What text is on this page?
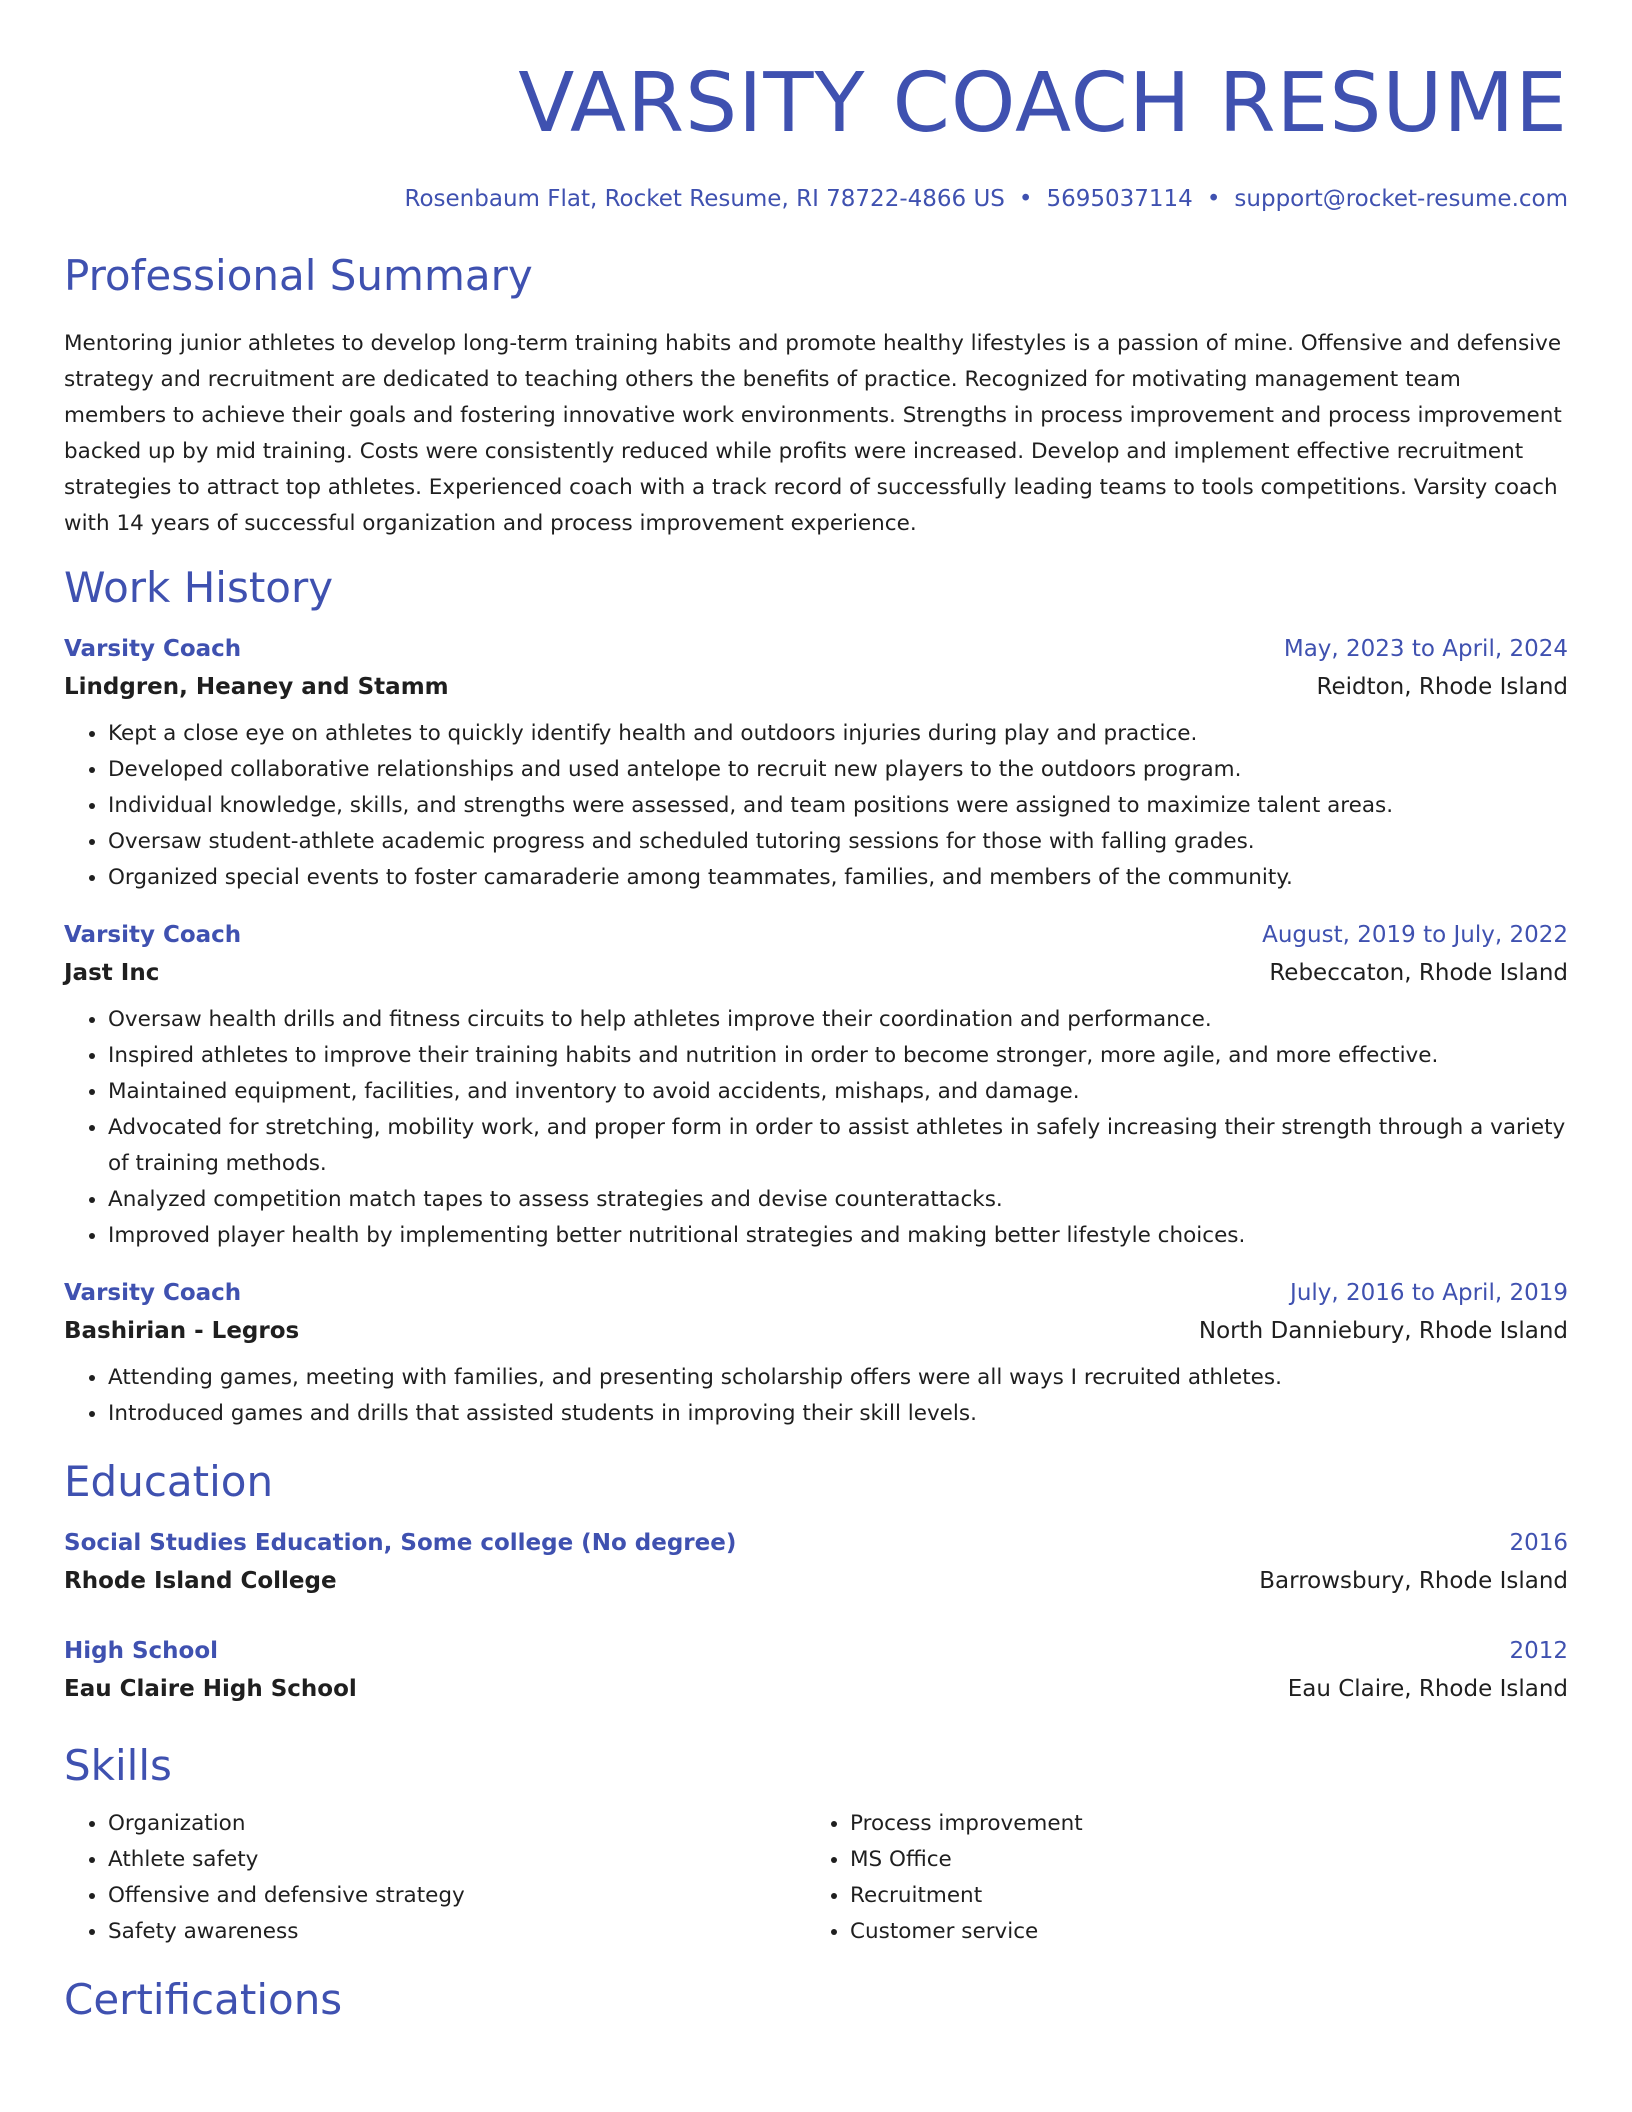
VARSITY COACH RESUME
Rosenbaum Flat, Rocket Resume, RI 78722-4866 US • 5695037114 • support@rocket-resume.com
Professional Summary

Mentoring junior athletes to develop long-term training habits and promote healthy lifestyles is a passion of mine. Offensive and defensive strategy and recruitment are dedicated to teaching others the benefits of practice. Recognized for motivating management team members to achieve their goals and fostering innovative work environments. Strengths in process improvement and process improvement backed up by mid training. Costs were consistently reduced while profits were increased. Develop and implement effective recruitment strategies to attract top athletes. Experienced coach with a track record of successfully leading teams to tools competitions. Varsity coach with 14 years of successful organization and process improvement experience.

Work History
Varsity Coach	May, 2023 to April, 2024
Lindgren, Heaney and Stamm	Reidton, Rhode Island
• Kept a close eye on athletes to quickly identify health and outdoors injuries during play and practice.
• Developed collaborative relationships and used antelope to recruit new players to the outdoors program.
• Individual knowledge, skills, and strengths were assessed, and team positions were assigned to maximize talent areas.
• Oversaw student-athlete academic progress and scheduled tutoring sessions for those with falling grades.
• Organized special events to foster camaraderie among teammates, families, and members of the community.
Varsity Coach	August, 2019 to July, 2022
Jast Inc	Rebeccaton, Rhode Island
• Oversaw health drills and fitness circuits to help athletes improve their coordination and performance.
• Inspired athletes to improve their training habits and nutrition in order to become stronger, more agile, and more effective.
• Maintained equipment, facilities, and inventory to avoid accidents, mishaps, and damage.
• Advocated for stretching, mobility work, and proper form in order to assist athletes in safely increasing their strength through a variety of training methods.
• Analyzed competition match tapes to assess strategies and devise counterattacks.
• Improved player health by implementing better nutritional strategies and making better lifestyle choices.
Varsity Coach	July, 2016 to April, 2019
Bashirian - Legros	North Danniebury, Rhode Island
• Attending games, meeting with families, and presenting scholarship offers were all ways I recruited athletes.
• Introduced games and drills that assisted students in improving their skill levels.
Education
Social Studies Education, Some college (No degree)	2016
Rhode Island College	Barrowsbury, Rhode Island
High School	2012
Eau Claire High School	Eau Claire, Rhode Island
Skills
• Organization
• Athlete safety
• Offensive and defensive strategy
• Safety awareness
• Process improvement
• MS Office
• Recruitment
• Customer service
Certifications
